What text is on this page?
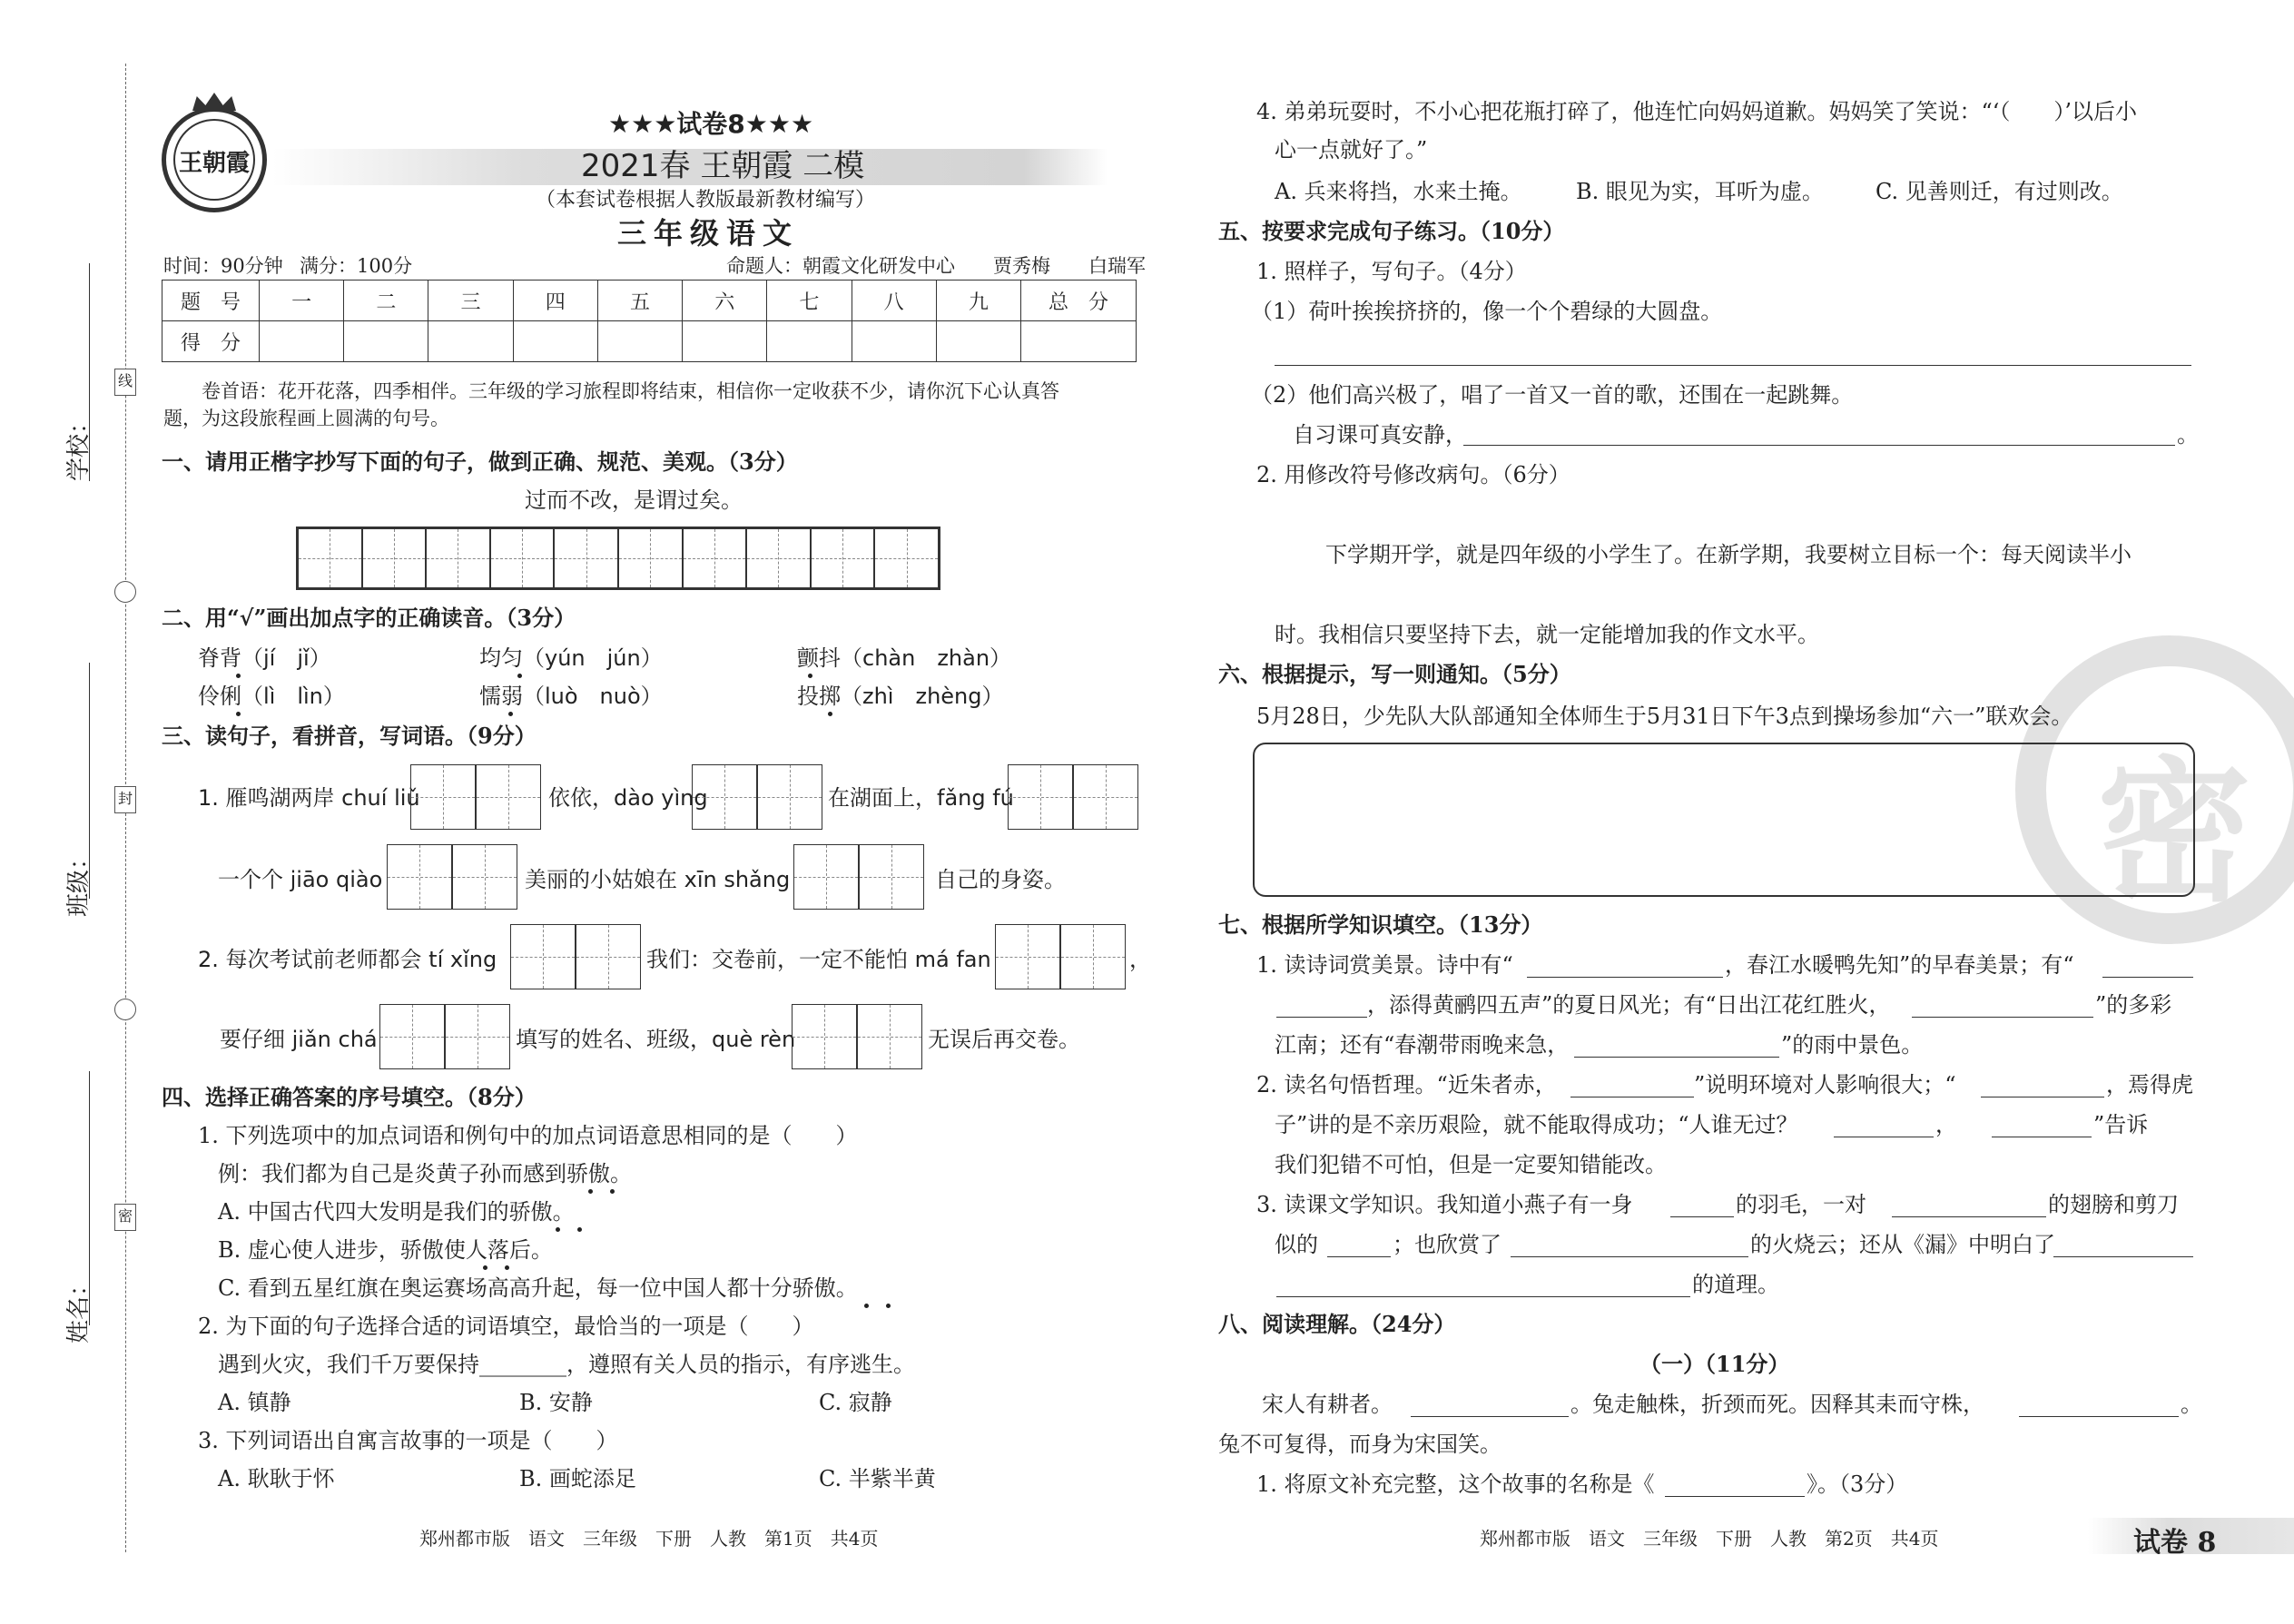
学校：
班级：
姓名：
线
封
密
王朝霞
★★★试卷8★★★
2021春 王朝霞 二模
（本套试卷根据人教版最新教材编写）
三年级语文
时间：90分钟 满分：100分	命题人：朝霞文化研发中心　　贾秀梅　　白瑞军
题　号	一	二	三	四	五	六	七	八	九	总　分
得　分										
卷首语：花开花落，四季相伴。三年级的学习旅程即将结束，相信你一定收获不少，请你沉下心认真答
题，为这段旅程画上圆满的句号。
一、请用正楷字抄写下面的句子，做到正确、规范、美观。（3分）
过而不改，是谓过矣。
二、用“√”画出加点字的正确读音。（3分）
脊背（jí　jǐ）	均匀（yún　jún）	颤抖（chàn　zhàn）
伶俐（lì　lìn）	懦弱（luò　nuò）	投掷（zhì　zhèng）
三、读句子，看拼音，写词语。（9分）
1. 雁鸣湖两岸 chuí liǔ	依依，dào yìng	在湖面上，fǎng fú
一个个 jiāo qiào	美丽的小姑娘在 xīn shǎng	自己的身姿。
2. 每次考试前老师都会 tí xǐng	我们：交卷前，一定不能怕 má fan	，
要仔细 jiǎn chá	填写的姓名、班级，què rèn	无误后再交卷。
四、选择正确答案的序号填空。（8分）
1. 下列选项中的加点词语和例句中的加点词语意思相同的是（　　）
例：我们都为自己是炎黄子孙而感到骄傲。
A. 中国古代四大发明是我们的骄傲。
B. 虚心使人进步，骄傲使人落后。
C. 看到五星红旗在奥运赛场高高升起，每一位中国人都十分骄傲。
2. 为下面的句子选择合适的词语填空，最恰当的一项是（　　）
遇到火灾，我们千万要保持________，遵照有关人员的指示，有序逃生。
A. 镇静	B. 安静	C. 寂静
3. 下列词语出自寓言故事的一项是（　　）
A. 耿耿于怀	B. 画蛇添足	C. 半紫半黄
郑州都市版　语文　三年级　下册　人教　第1页　共4页
密
4. 弟弟玩耍时，不小心把花瓶打碎了，他连忙向妈妈道歉。妈妈笑了笑说：“‘（　　）’以后小
心一点就好了。”
A. 兵来将挡，水来土掩。 B. 眼见为实，耳听为虚。 C. 见善则迁，有过则改。
五、按要求完成句子练习。（10分）
1. 照样子，写句子。（4分）
（1）荷叶挨挨挤挤的，像一个个碧绿的大圆盘。
（2）他们高兴极了，唱了一首又一首的歌，还围在一起跳舞。
自习课可真安静，	。
2. 用修改符号修改病句。（6分）
下学期开学，就是四年级的小学生了。在新学期，我要树立目标一个：每天阅读半小
时。我相信只要坚持下去，就一定能增加我的作文水平。
六、根据提示，写一则通知。（5分）
5月28日，少先队大队部通知全体师生于5月31日下午3点到操场参加“六一”联欢会。
七、根据所学知识填空。（13分）
1. 读诗词赏美景。诗中有“	，春江水暖鸭先知”的早春美景；有“
，添得黄鹂四五声”的夏日风光；有“日出江花红胜火，	”的多彩
江南；还有“春潮带雨晚来急，	”的雨中景色。
2. 读名句悟哲理。“近朱者赤，	”说明环境对人影响很大；“	，焉得虎
子”讲的是不亲历艰险，就不能取得成功；“人谁无过？	，	”告诉
我们犯错不可怕，但是一定要知错能改。
3. 读课文学知识。我知道小燕子有一身	的羽毛，一对	的翅膀和剪刀
似的	；也欣赏了	的火烧云；还从《漏》中明白了
的道理。
八、阅读理解。（24分）
（一）（11分）
宋人有耕者。	。兔走触株，折颈而死。因释其耒而守株，	。
兔不可复得，而身为宋国笑。
1. 将原文补充完整，这个故事的名称是《	》。（3分）
郑州都市版　语文　三年级　下册　人教　第2页　共4页	试卷 8
